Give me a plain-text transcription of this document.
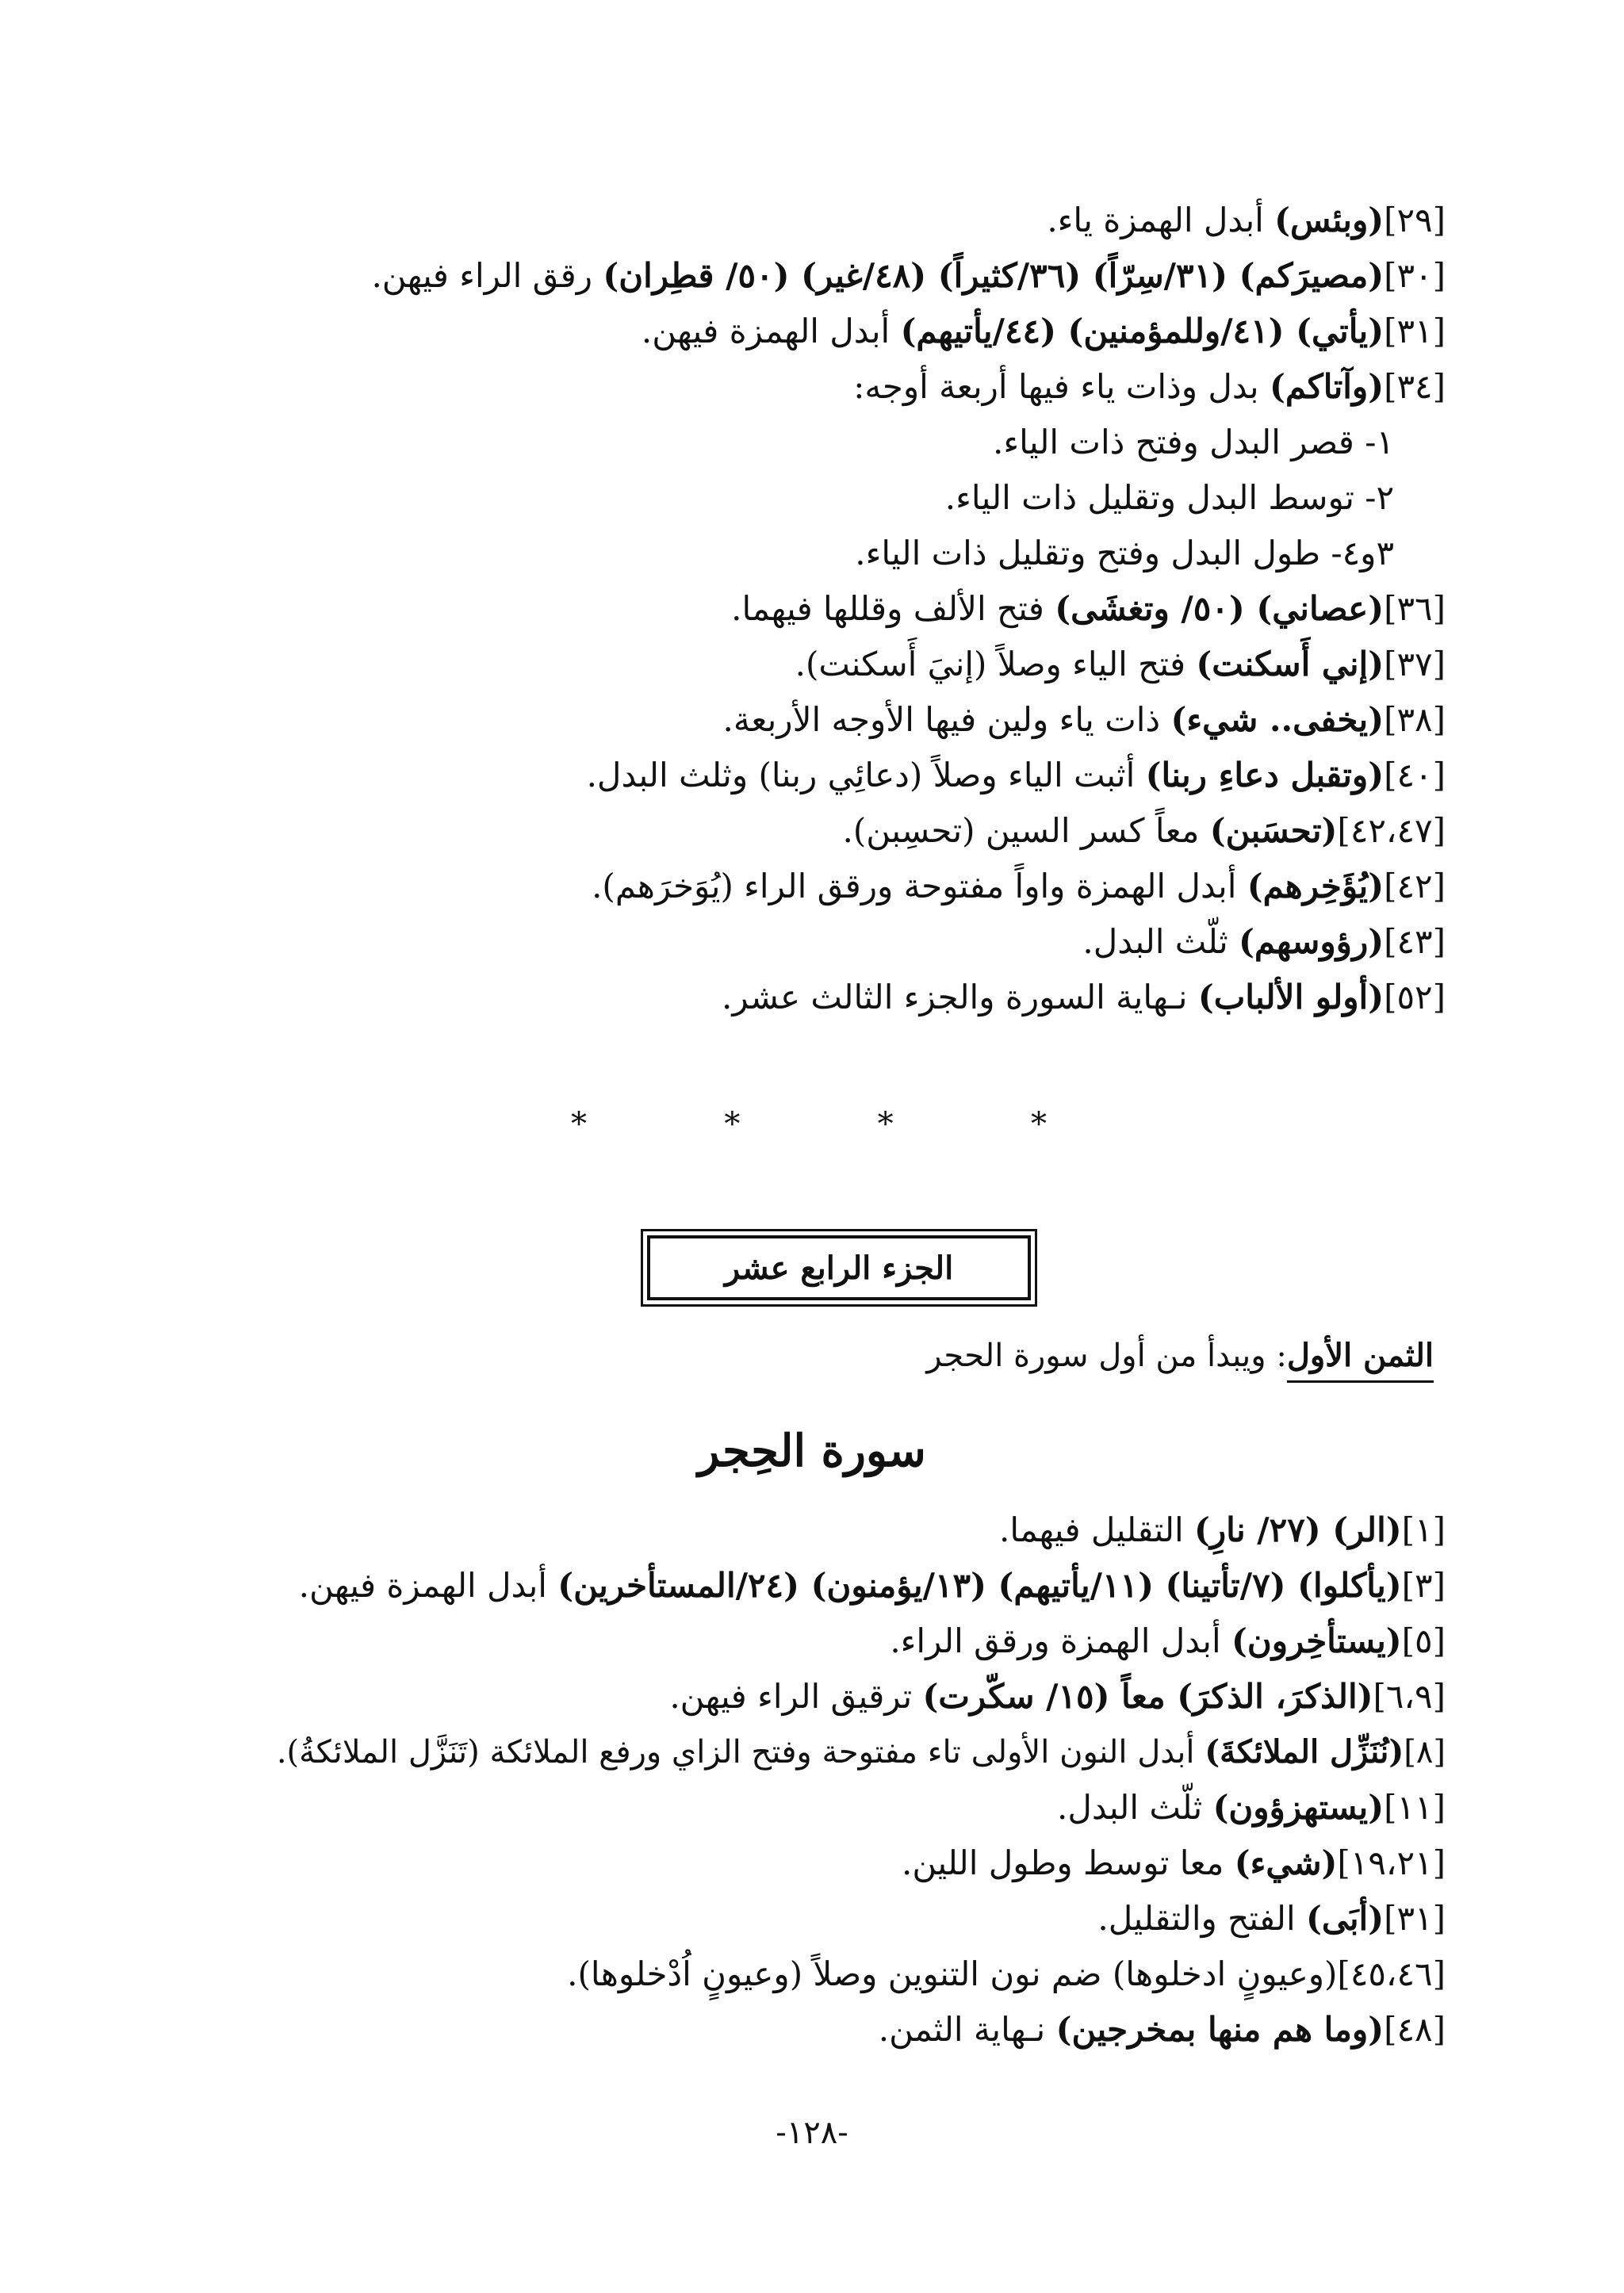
[٢٩](وبئس) أبدل الهمزة ياء.
[٣٠](مصيرَكم) (٣١/سِرّاً) (٣٦/كثيراً) (٤٨/غير) (٥٠/ قطِران) رقق الراء فيهن.
[٣١](يأتي) (٤١/وللمؤمنين) (٤٤/يأتيهم) أبدل الهمزة فيهن.
[٣٤](وآتاكم) بدل وذات ياء فيها أربعة أوجه:
١- قصر البدل وفتح ذات الياء.
٢- توسط البدل وتقليل ذات الياء.
٣و٤- طول البدل وفتح وتقليل ذات الياء.
[٣٦](عصاني) (٥٠/ وتغشَى) فتح الألف وقللها فيهما.
[٣٧](إني أَسكنت) فتح الياء وصلاً (إنيَ أَسكنت).
[٣٨](يخفى.. شيء) ذات ياء ولين فيها الأوجه الأربعة.
[٤٠](وتقبل دعاءِ ربنا) أثبت الياء وصلاً (دعائِي ربنا) وثلث البدل.
[٤٢،٤٧](تحسَبن) معاً كسر السين (تحسِبن).
[٤٢](يُؤَخِرهم) أبدل الهمزة واواً مفتوحة ورقق الراء (يُوَخرَهم).
[٤٣](رؤوسهم) ثلّث البدل.
[٥٢](أولو الألباب) نـهاية السورة والجزء الثالث عشر.
*	*	*	*
الجزء الرابع عشر
الثمن الأول: ويبدأ من أول سورة الحجر
سورة الحِجر
[١](الر) (٢٧/ نارِ) التقليل فيهما.
[٣](يأكلوا) (٧/تأتينا) (١١/يأتيهم) (١٣/يؤمنون) (٢٤/المستأخرين) أبدل الهمزة فيهن.
[٥](يستأخِرون) أبدل الهمزة ورقق الراء.
[٦،٩](الذكرَ، الذكرَ) معاً (١٥/ سكّرت) ترقيق الراء فيهن.
[٨](نُنَزِّل الملائكةَ) أبدل النون الأولى تاء مفتوحة وفتح الزاي ورفع الملائكة (تَنَزَّل الملائكةُ).
[١١](يستهزؤون) ثلّث البدل.
[١٩،٢١](شيء) معا توسط وطول اللين.
[٣١](أبَى) الفتح والتقليل.
[٤٥،٤٦](وعيونٍ ادخلوها) ضم نون التنوين وصلاً (وعيونٍ اُدْخلوها).
[٤٨](وما هم منها بمخرجين) نـهاية الثمن.
-١٢٨-
